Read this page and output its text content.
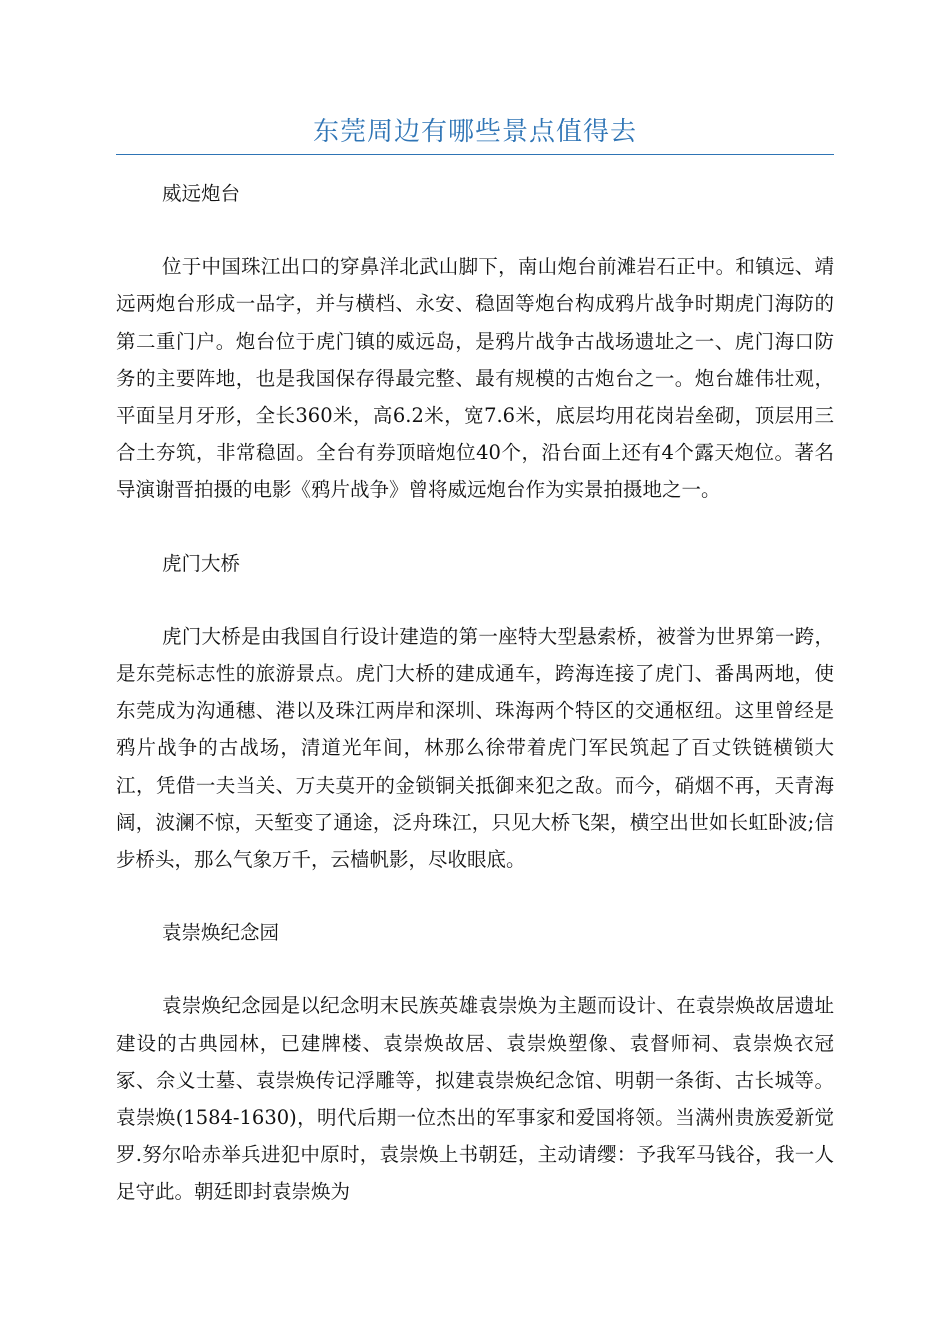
东莞周边有哪些景点值得去

威远炮台

位于中国珠江出口的穿鼻洋北武山脚下，南山炮台前滩岩石正中。和镇远、靖远两炮台形成一品字，并与横档、永安、稳固等炮台构成鸦片战争时期虎门海防的第二重门户。炮台位于虎门镇的威远岛，是鸦片战争古战场遗址之一、虎门海口防务的主要阵地，也是我国保存得最完整、最有规模的古炮台之一。炮台雄伟壮观，平面呈月牙形，全长360米，高6.2米，宽7.6米，底层均用花岗岩垒砌，顶层用三合土夯筑，非常稳固。全台有券顶暗炮位40个，沿台面上还有4个露天炮位。著名导演谢晋拍摄的电影《鸦片战争》曾将威远炮台作为实景拍摄地之一。

虎门大桥

虎门大桥是由我国自行设计建造的第一座特大型悬索桥，被誉为世界第一跨，是东莞标志性的旅游景点。虎门大桥的建成通车，跨海连接了虎门、番禺两地，使东莞成为沟通穗、港以及珠江两岸和深圳、珠海两个特区的交通枢纽。这里曾经是鸦片战争的古战场，清道光年间，林那么徐带着虎门军民筑起了百丈铁链横锁大江，凭借一夫当关、万夫莫开的金锁铜关抵御来犯之敌。而今，硝烟不再，天青海阔，波澜不惊，天堑变了通途，泛舟珠江，只见大桥飞架，横空出世如长虹卧波;信步桥头，那么气象万千，云樯帆影，尽收眼底。

袁崇焕纪念园

袁崇焕纪念园是以纪念明末民族英雄袁崇焕为主题而设计、在袁崇焕故居遗址建设的古典园林，已建牌楼、袁崇焕故居、袁崇焕塑像、袁督师祠、袁崇焕衣冠冢、佘义士墓、袁崇焕传记浮雕等，拟建袁崇焕纪念馆、明朝一条街、古长城等。袁崇焕(1584-1630)，明代后期一位杰出的军事家和爱国将领。当满州贵族爱新觉罗.努尔哈赤举兵进犯中原时，袁崇焕上书朝廷，主动请缨：予我军马钱谷，我一人足守此。朝廷即封袁崇焕为
